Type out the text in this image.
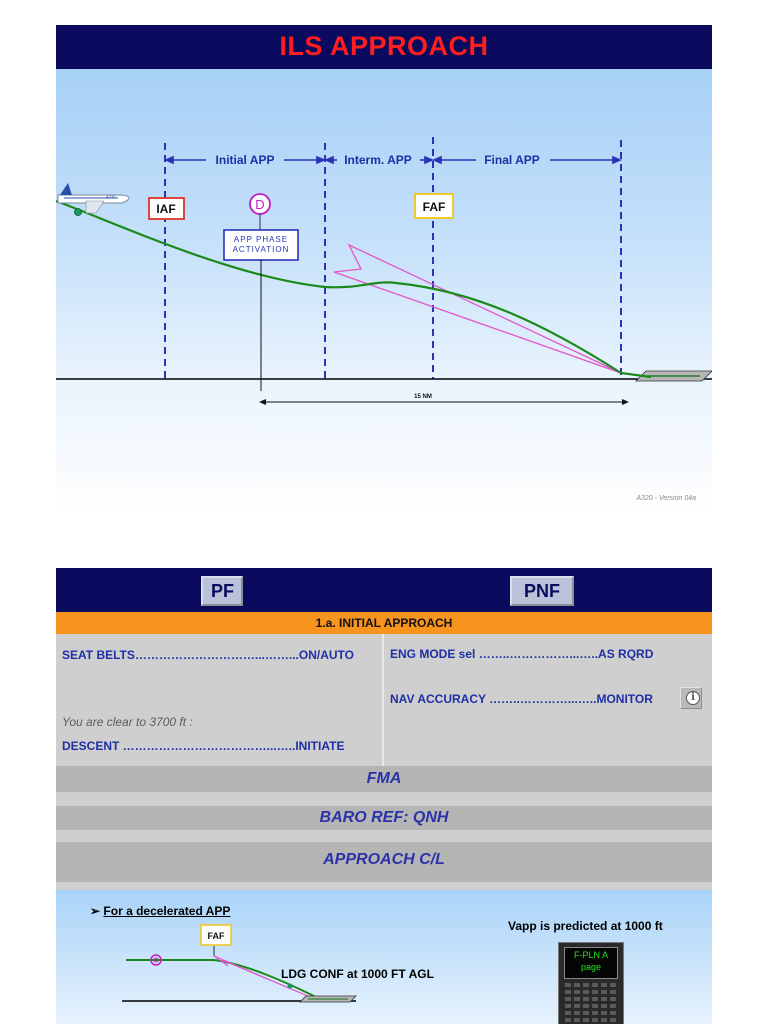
ILS APPROACH
Initial APP	Interm. APP	Final APP
A330
IAF	D
APP PHASE
ACTIVATION
FAF
15 NM
A320 - Version 04a
PF	PNF
1.a. INITIAL APPROACH
SEAT BELTS…………………………...……...ON/AUTO
You are clear to 3700 ft :
DESCENT ………………………………...…..INITIATE
ENG MODE sel ……..……………...…..AS RQRD
NAV ACCURACY ……..…………...…..MONITOR	i
FMA
BARO REF: QNH
APPROACH C/L
FAF
➢ For a decelerated APP
LDG CONF at 1000 FT AGL
Vapp is predicted at 1000 ft
F-PLN A
page
